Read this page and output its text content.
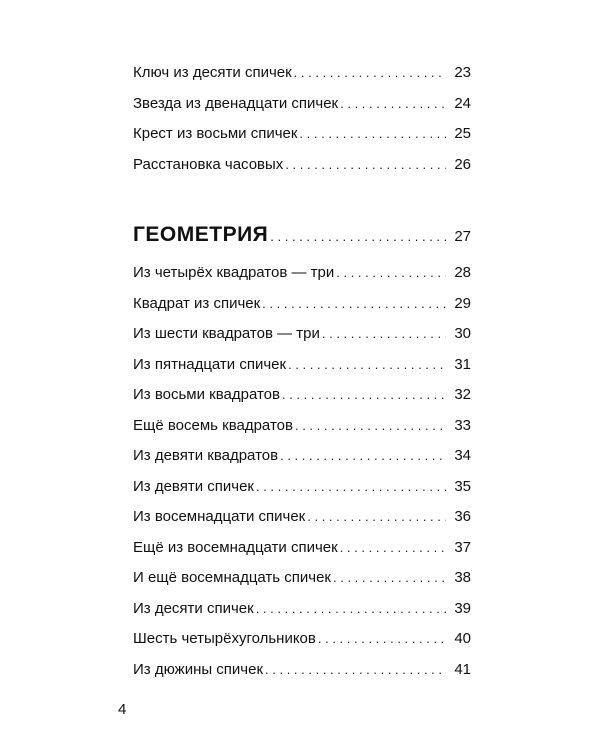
Ключ из десяти спичек . . .	23
Звезда из двенадцати спичек . . .	24
Крест из восьми спичек . . .	25
Расстановка часовых . . .	26
ГЕОМЕТРИЯ . . .	27
Из четырёх квадратов — три . . .	28
Квадрат из спичек . . .	29
Из шести квадратов — три . . .	30
Из пятнадцати спичек . . .	31
Из восьми квадратов . . .	32
Ещё восемь квадратов . . .	33
Из девяти квадратов . . .	34
Из девяти спичек . . .	35
Из восемнадцати спичек . . .	36
Ещё из восемнадцати спичек . . .	37
И ещё восемнадцать спичек . . .	38
Из десяти спичек . . .	39
Шесть четырёхугольников . . .	40
Из дюжины спичек . . .	41
4
